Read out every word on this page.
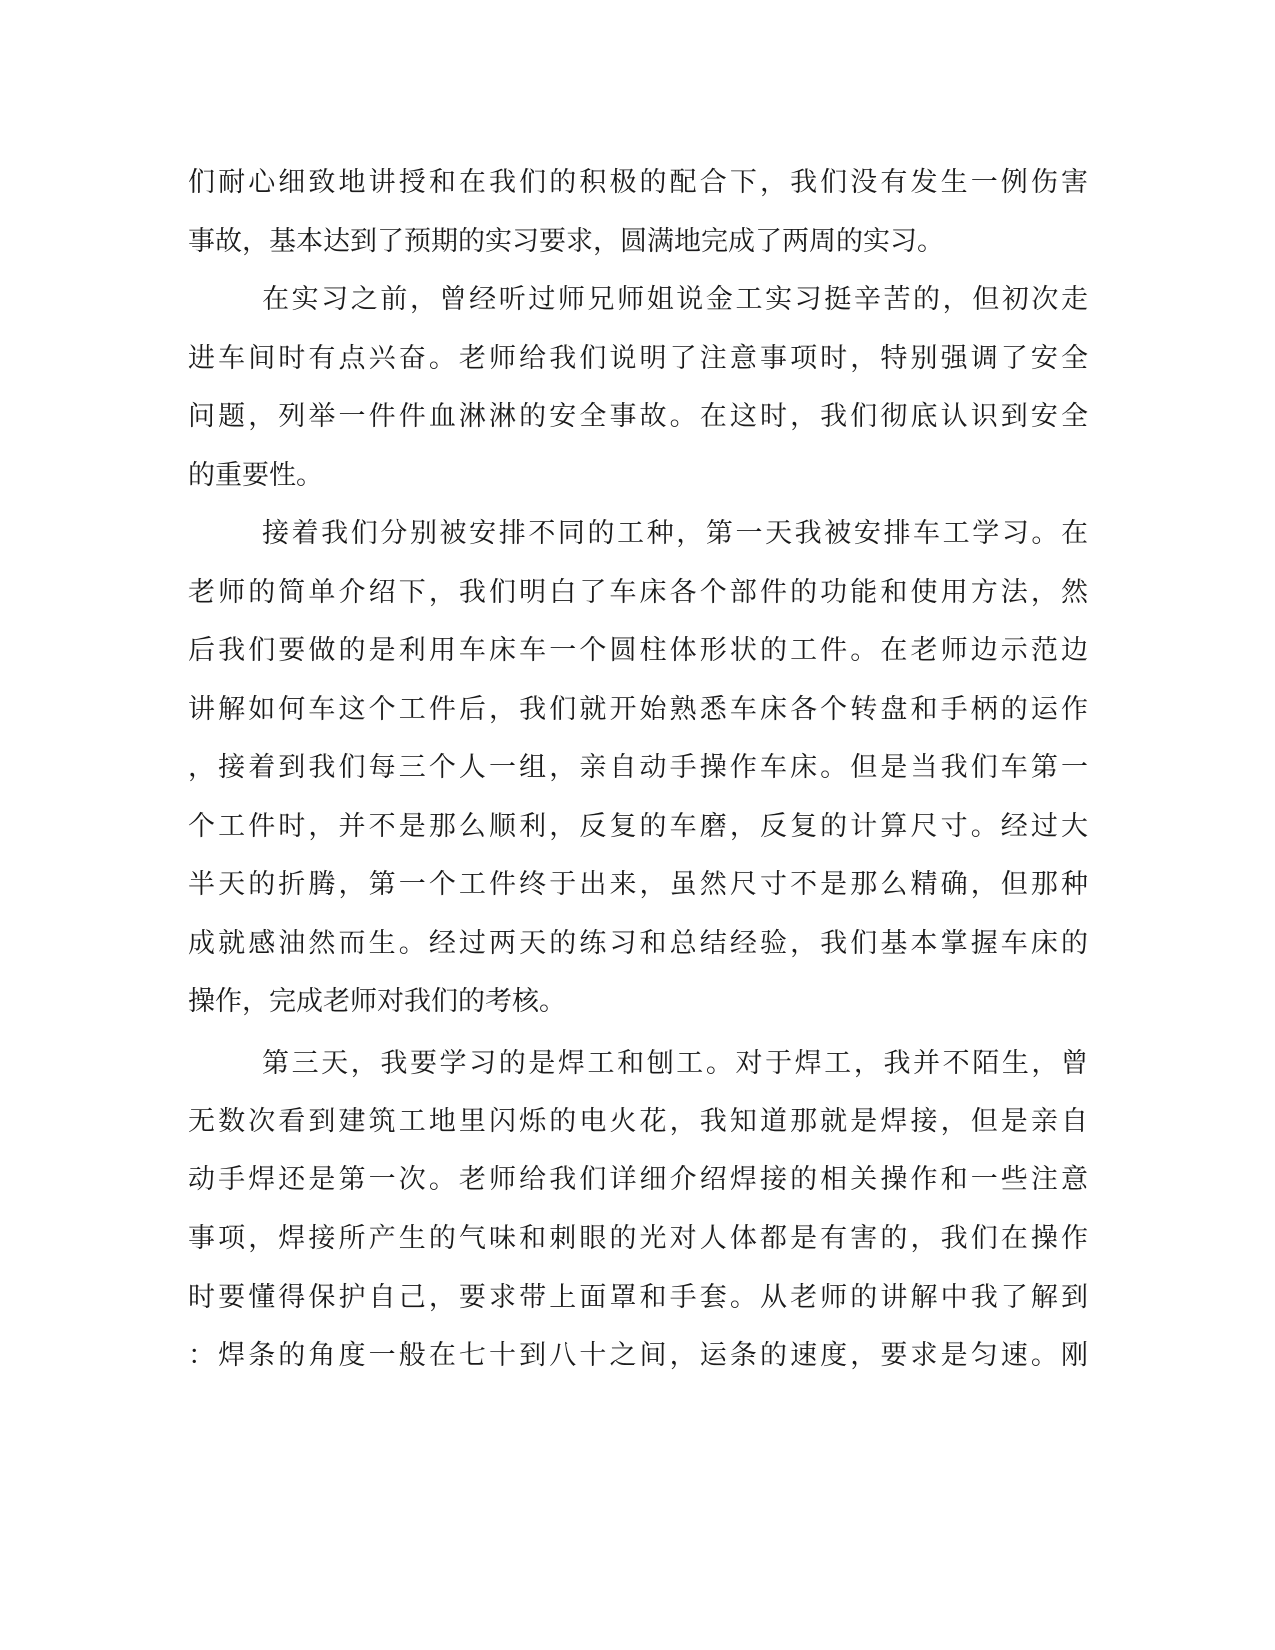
们耐心细致地讲授和在我们的积极的配合下，我们没有发生一例伤害
事故，基本达到了预期的实习要求，圆满地完成了两周的实习。
在实习之前，曾经听过师兄师姐说金工实习挺辛苦的，但初次走
进车间时有点兴奋。老师给我们说明了注意事项时，特别强调了安全
问题，列举一件件血淋淋的安全事故。在这时，我们彻底认识到安全
的重要性。
接着我们分别被安排不同的工种，第一天我被安排车工学习。在
老师的简单介绍下，我们明白了车床各个部件的功能和使用方法，然
后我们要做的是利用车床车一个圆柱体形状的工件。在老师边示范边
讲解如何车这个工件后，我们就开始熟悉车床各个转盘和手柄的运作
，接着到我们每三个人一组，亲自动手操作车床。但是当我们车第一
个工件时，并不是那么顺利，反复的车磨，反复的计算尺寸。经过大
半天的折腾，第一个工件终于出来，虽然尺寸不是那么精确，但那种
成就感油然而生。经过两天的练习和总结经验，我们基本掌握车床的
操作，完成老师对我们的考核。
第三天，我要学习的是焊工和刨工。对于焊工，我并不陌生，曾
无数次看到建筑工地里闪烁的电火花，我知道那就是焊接，但是亲自
动手焊还是第一次。老师给我们详细介绍焊接的相关操作和一些注意
事项，焊接所产生的气味和刺眼的光对人体都是有害的，我们在操作
时要懂得保护自己，要求带上面罩和手套。从老师的讲解中我了解到
：焊条的角度一般在七十到八十之间，运条的速度，要求是匀速。刚
